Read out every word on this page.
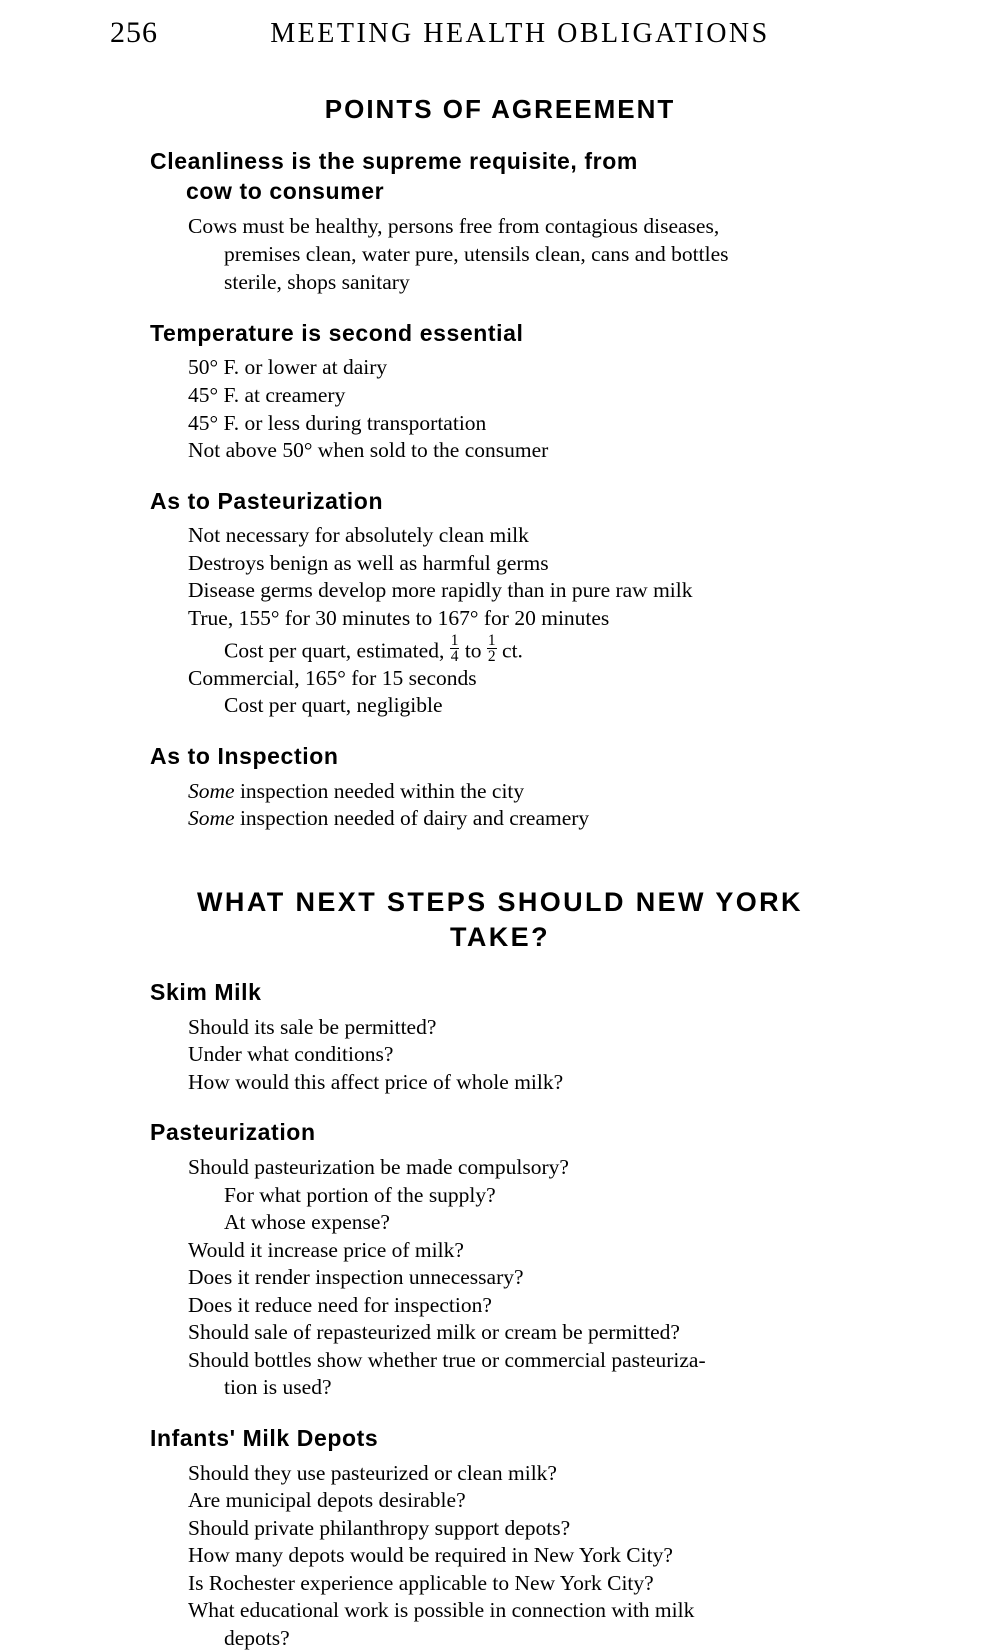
256	MEETING HEALTH OBLIGATIONS
POINTS OF AGREEMENT
Cleanliness is the supreme requisite, from
cow to consumer
Cows must be healthy, persons free from contagious diseases,
premises clean, water pure, utensils clean, cans and bottles
sterile, shops sanitary
Temperature is second essential
50° F. or lower at dairy
45° F. at creamery
45° F. or less during transportation
Not above 50° when sold to the consumer
As to Pasteurization
Not necessary for absolutely clean milk
Destroys benign as well as harmful germs
Disease germs develop more rapidly than in pure raw milk
True, 155° for 30 minutes to 167° for 20 minutes
Cost per quart, estimated, $\frac{1}{4}$ to $\frac{1}{2}$ ct.
Commercial, 165° for 15 seconds
Cost per quart, negligible
As to Inspection
Some inspection needed within the city
Some inspection needed of dairy and creamery
WHAT NEXT STEPS SHOULD NEW YORK TAKE?
Skim Milk
Should its sale be permitted?
Under what conditions?
How would this affect price of whole milk?
Pasteurization
Should pasteurization be made compulsory?
For what portion of the supply?
At whose expense?
Would it increase price of milk?
Does it render inspection unnecessary?
Does it reduce need for inspection?
Should sale of repasteurized milk or cream be permitted?
Should bottles show whether true or commercial pasteuriza-
tion is used?
Infants' Milk Depots
Should they use pasteurized or clean milk?
Are municipal depots desirable?
Should private philanthropy support depots?
How many depots would be required in New York City?
Is Rochester experience applicable to New York City?
What educational work is possible in connection with milk
depots?
